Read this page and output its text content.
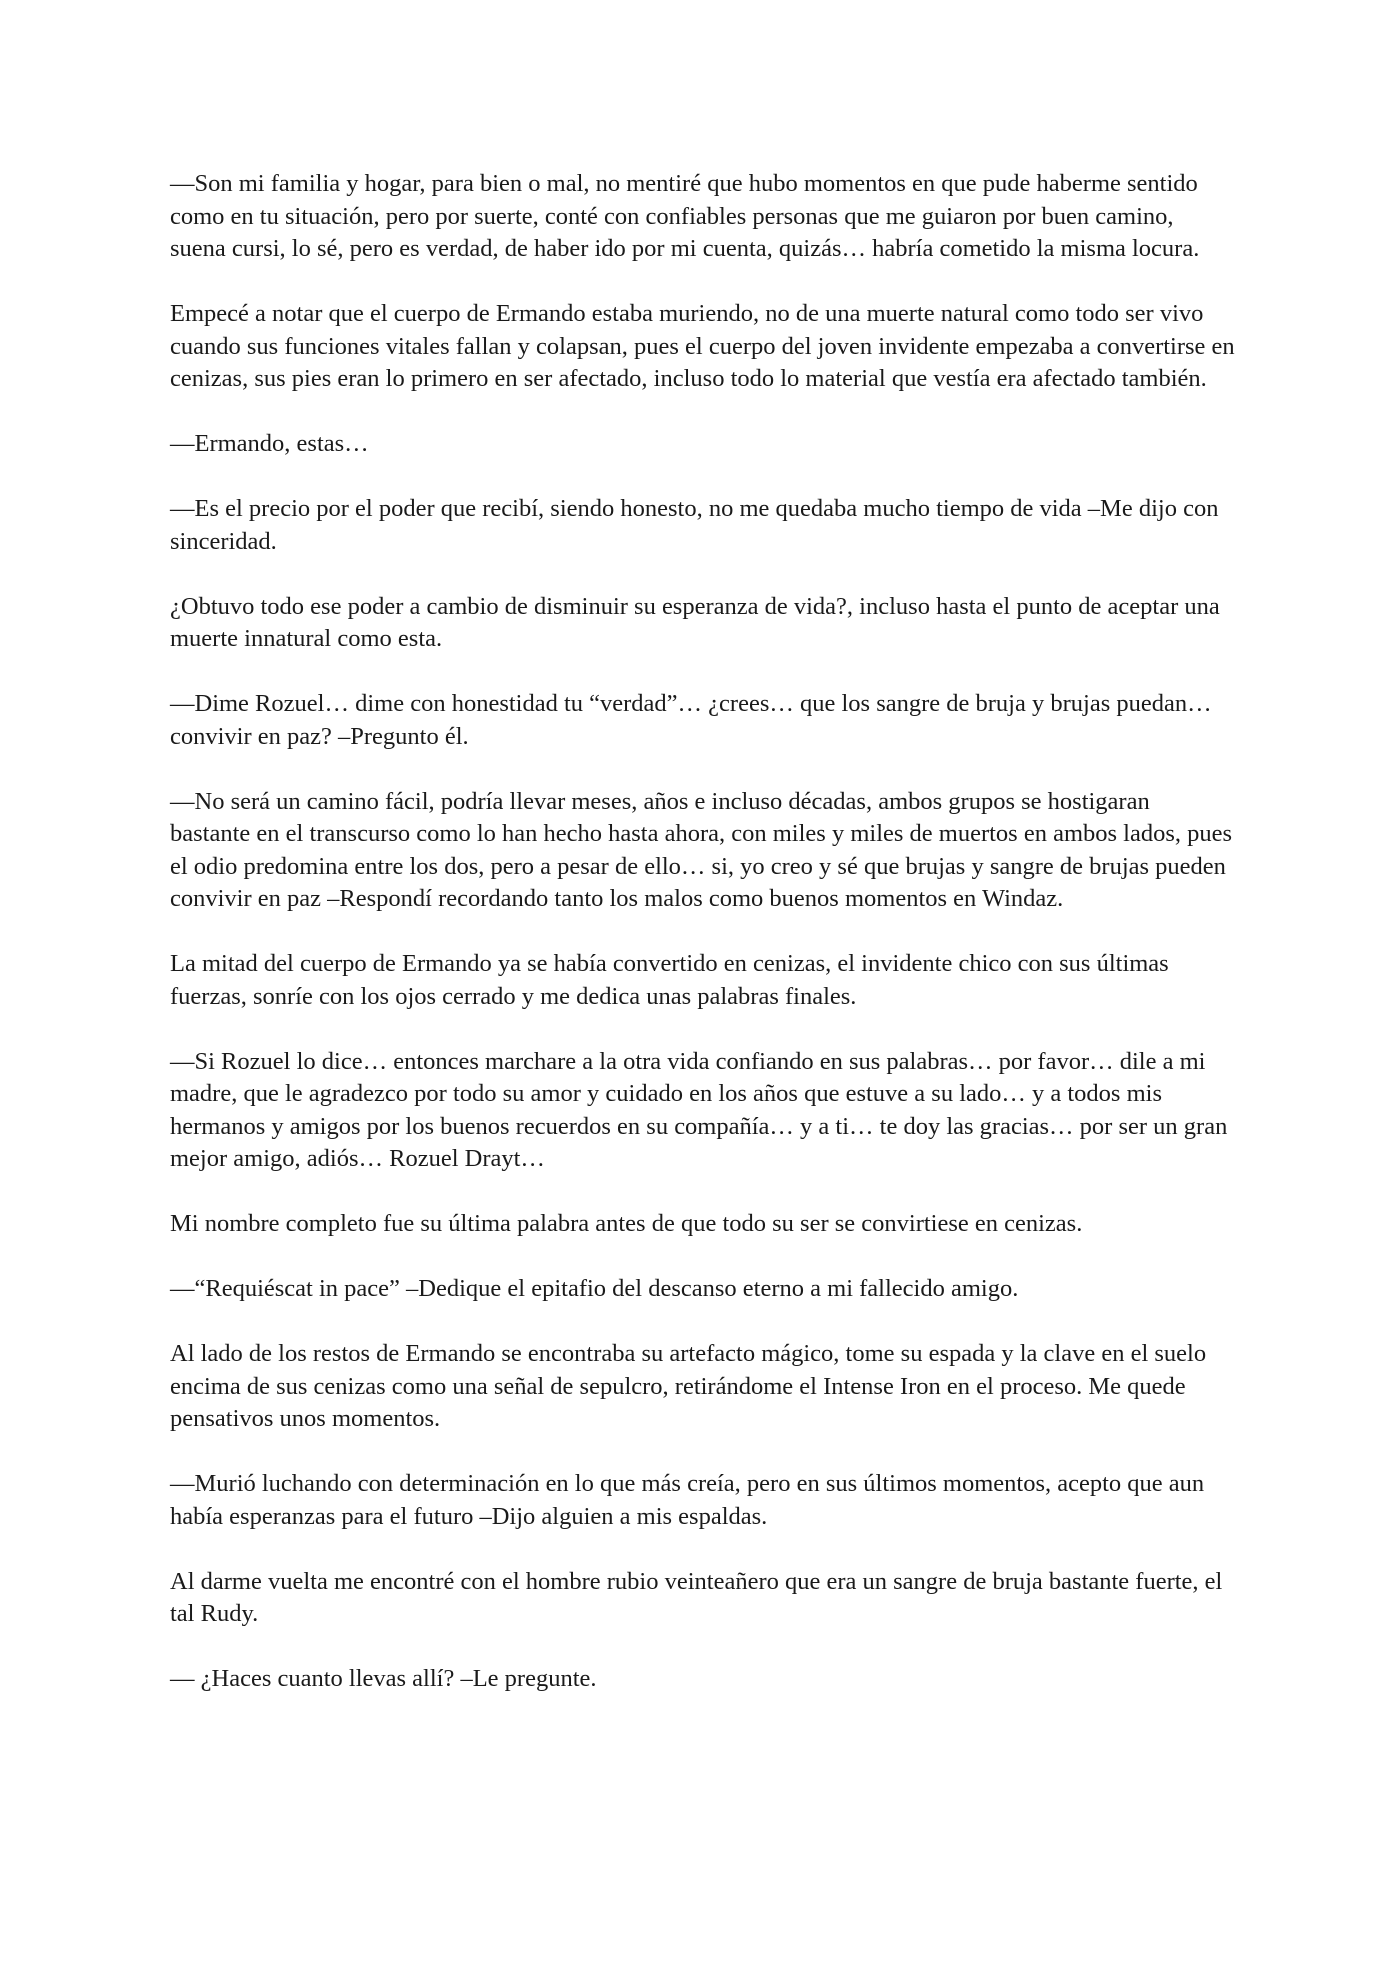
—Son mi familia y hogar, para bien o mal, no mentiré que hubo momentos en que pude haberme sentido como en tu situación, pero por suerte, conté con confiables personas que me guiaron por buen camino, suena cursi, lo sé, pero es verdad, de haber ido por mi cuenta, quizás… habría cometido la misma locura.

Empecé a notar que el cuerpo de Ermando estaba muriendo, no de una muerte natural como todo ser vivo cuando sus funciones vitales fallan y colapsan, pues el cuerpo del joven invidente empezaba a convertirse en cenizas, sus pies eran lo primero en ser afectado, incluso todo lo material que vestía era afectado también.

—Ermando, estas…

—Es el precio por el poder que recibí, siendo honesto, no me quedaba mucho tiempo de vida –Me dijo con sinceridad.

¿Obtuvo todo ese poder a cambio de disminuir su esperanza de vida?, incluso hasta el punto de aceptar una muerte innatural como esta.

—Dime Rozuel… dime con honestidad tu “verdad”… ¿crees… que los sangre de bruja y brujas puedan… convivir en paz? –Pregunto él.

—No será un camino fácil, podría llevar meses, años e incluso décadas, ambos grupos se hostigaran bastante en el transcurso como lo han hecho hasta ahora, con miles y miles de muertos en ambos lados, pues el odio predomina entre los dos, pero a pesar de ello… si, yo creo y sé que brujas y sangre de brujas pueden convivir en paz –Respondí recordando tanto los malos como buenos momentos en Windaz.

La mitad del cuerpo de Ermando ya se había convertido en cenizas, el invidente chico con sus últimas fuerzas, sonríe con los ojos cerrado y me dedica unas palabras finales.

—Si Rozuel lo dice… entonces marchare a la otra vida confiando en sus palabras… por favor… dile a mi madre, que le agradezco por todo su amor y cuidado en los años que estuve a su lado… y a todos mis hermanos y amigos por los buenos recuerdos en su compañía… y a ti… te doy las gracias… por ser un gran mejor amigo, adiós… Rozuel Drayt…

Mi nombre completo fue su última palabra antes de que todo su ser se convirtiese en cenizas.

—“Requiéscat in pace” –Dedique el epitafio del descanso eterno a mi fallecido amigo.

Al lado de los restos de Ermando se encontraba su artefacto mágico, tome su espada y la clave en el suelo encima de sus cenizas como una señal de sepulcro, retirándome el Intense Iron en el proceso. Me quede pensativos unos momentos.

—Murió luchando con determinación en lo que más creía, pero en sus últimos momentos, acepto que aun había esperanzas para el futuro –Dijo alguien a mis espaldas.

Al darme vuelta me encontré con el hombre rubio veinteañero que era un sangre de bruja bastante fuerte, el tal Rudy.

— ¿Haces cuanto llevas allí? –Le pregunte.
